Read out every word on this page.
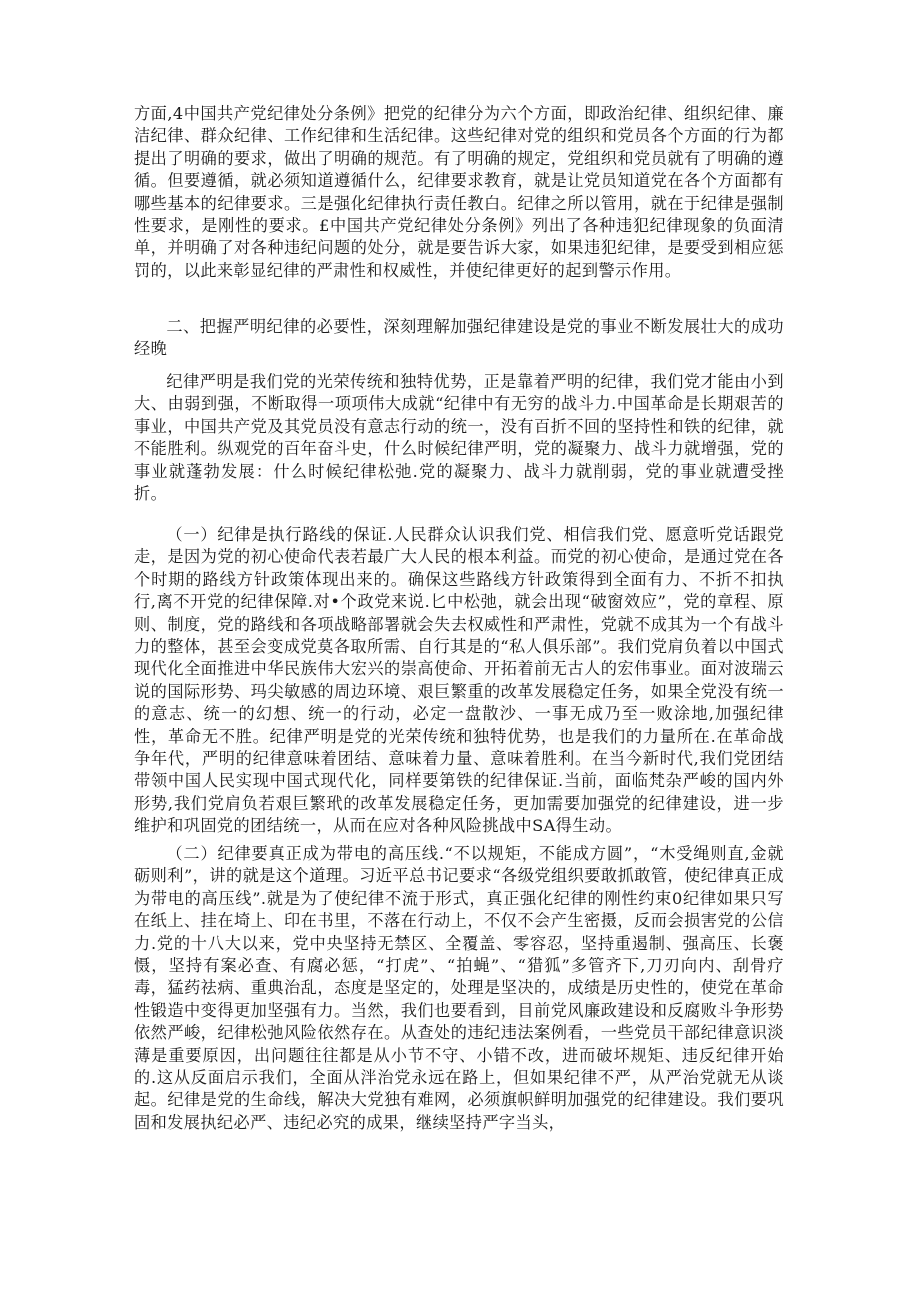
方面,4中国共产党纪律处分条例》把党的纪律分为六个方面，即政治纪律、组织纪律、廉洁纪律、群众纪律、工作纪律和生活纪律。这些纪律对党的组织和党员各个方面的行为都提出了明确的要求，做出了明确的规范。有了明确的规定，党组织和党员就有了明确的遵循。但要遵循，就必须知道遵循什么，纪律要求教育，就是让党员知道党在各个方面都有哪些基本的纪律要求。三是强化纪律执行责任教白。纪律之所以管用，就在于纪律是强制性要求，是刚性的要求。£中国共产党纪律处分条例》列出了各种违犯纪律现象的负面清单，并明确了对各种违纪问题的处分，就是要告诉大家，如果违犯纪律，是要受到相应惩罚的，以此来彰显纪律的严肃性和权威性，并使纪律更好的起到警示作用。

二、把握严明纪律的必要性，深刻理解加强纪律建设是党的事业不断发展壮大的成功经晚

纪律严明是我们党的光荣传统和独特优势，正是靠着严明的纪律，我们党才能由小到大、由弱到强，不断取得一项项伟大成就“纪律中有无穷的战斗力.中国革命是长期艰苦的事业，中国共产党及其党员没有意志行动的统一，没有百折不回的坚持性和铁的纪律，就不能胜利。纵观党的百年奋斗史，什么时候纪律严明，党的凝聚力、战斗力就增强，党的事业就蓬勃发展：什么时候纪律松弛.党的凝聚力、战斗力就削弱，党的事业就遭受挫折。

（一）纪律是执行路线的保证.人民群众认识我们党、相信我们党、愿意听党话跟党走，是因为党的初心使命代表若最广大人民的根本利益。而党的初心使命，是通过党在各个时期的路线方针政策体现出来的。确保这些路线方针政策得到全面有力、不折不扣执行,离不开党的纪律保障.对•个政党来说.匕中松弛，就会出现“破窗效应”，党的章程、原则、制度，党的路线和各项战略部署就会失去权威性和严肃性，党就不成其为一个有战斗力的整体，甚至会变成党莫各取所需、自行其是的“私人俱乐部”。我们党肩负着以中国式现代化全面推进中华民族伟大宏兴的崇高使命、开拓着前无古人的宏伟事业。面对波瑞云说的国际形势、玛尖敏感的周边环境、艰巨繁重的改革发展稳定任务，如果全党没有统一的意志、统一的幻想、统一的行动，必定一盘散沙、一事无成乃至一败涂地,加强纪律性，革命无不胜。纪律严明是党的光荣传统和独特优势，也是我们的力量所在.在革命战争年代，严明的纪律意味着团结、意味着力量、意味着胜利。在当今新时代,我们党团结带领中国人民实现中国式现代化，同样要第铁的纪律保证.当前，面临梵杂严峻的国内外形势,我们党肩负若艰巨繁玳的改革发展稳定任务，更加需要加强党的纪律建设，进一步维护和巩固党的团结统一，从而在应对各种风险挑战中SA得生动。

（二）纪律要真正成为带电的高压线.“不以规矩，不能成方圆”，“木受绳则直,金就砺则利”，讲的就是这个道理。习近平总书记要求“各级党组织要敢抓敢管，使纪律真正成为带电的高压线”.就是为了使纪律不流于形式，真正强化纪律的刚性约束0纪律如果只写在纸上、挂在埼上、印在书里，不落在行动上，不仅不会产生密摄，反而会损害党的公信力.党的十八大以来，党中央坚持无禁区、全覆盖、零容忍，坚持重遏制、强高压、长褒慑，坚持有案必查、有腐必惩，“打虎”、“拍蝇”、“猎狐”多管齐下,刀刃向内、刮骨疗毒，猛药祛病、重典治乱，态度是坚定的，处理是坚决的，成绩是历史性的，使党在革命性锻造中变得更加坚强有力。当然，我们也要看到，目前党风廉政建设和反腐败斗争形势依然严峻，纪律松弛风险依然存在。从查处的违纪违法案例看，一些党员干部纪律意识淡薄是重要原因，出问题往往都是从小节不守、小错不改，进而破坏规矩、违反纪律开始的.这从反面启示我们，全面从泮治党永远在路上，但如果纪律不严，从严治党就无从谈起。纪律是党的生命线，解决大党独有难网，必须旗帜鲜明加强党的纪律建设。我们要巩固和发展执纪必严、违纪必究的成果，继续坚持严字当头，
